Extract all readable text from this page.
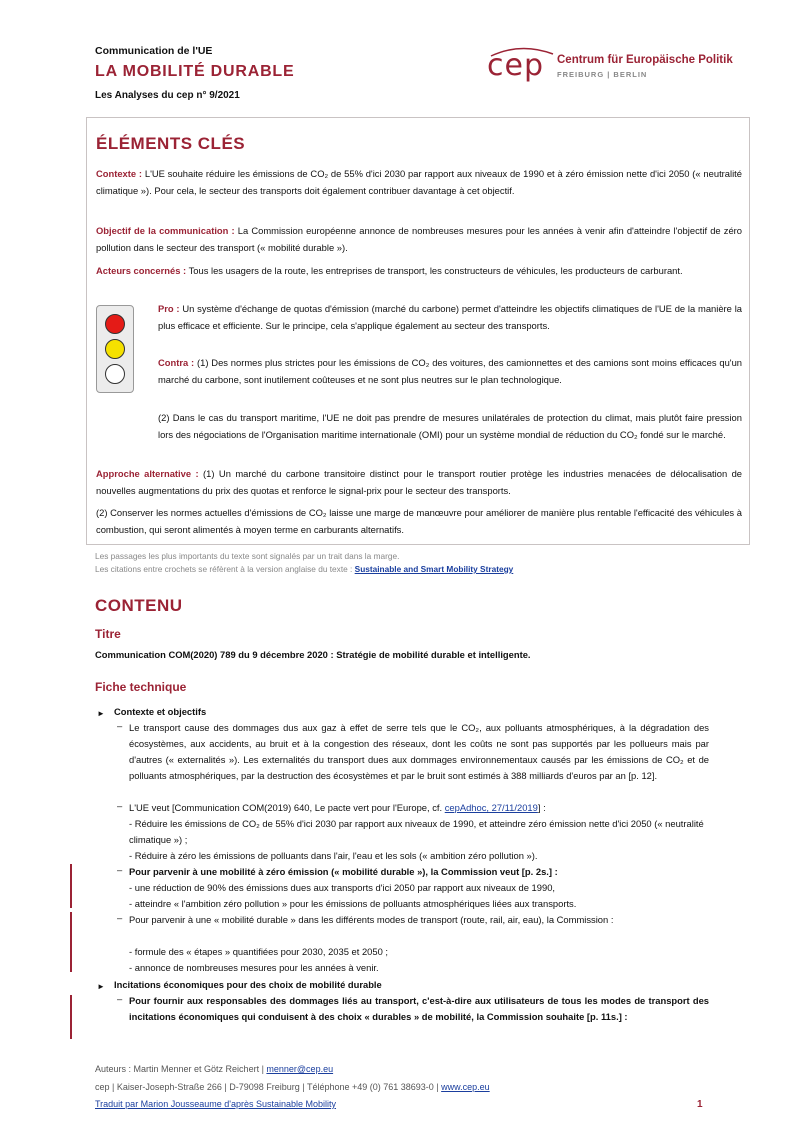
Communication de l'UE
LA MOBILITÉ DURABLE
Les Analyses du cep n° 9/2021
cep Centrum für Europäische Politik
FREIBURG | BERLIN
ÉLÉMENTS CLÉS
Contexte : L'UE souhaite réduire les émissions de CO₂ de 55% d'ici 2030 par rapport aux niveaux de 1990 et à zéro émission nette d'ici 2050 (« neutralité climatique »). Pour cela, le secteur des transports doit également contribuer davantage à cet objectif.
Objectif de la communication : La Commission européenne annonce de nombreuses mesures pour les années à venir afin d'atteindre l'objectif de zéro pollution dans le secteur des transport (« mobilité durable »).
Acteurs concernés : Tous les usagers de la route, les entreprises de transport, les constructeurs de véhicules, les producteurs de carburant.
Pro : Un système d'échange de quotas d'émission (marché du carbone) permet d'atteindre les objectifs climatiques de l'UE de la manière la plus efficace et efficiente. Sur le principe, cela s'applique également au secteur des transports.
Contra : (1) Des normes plus strictes pour les émissions de CO₂ des voitures, des camionnettes et des camions sont moins efficaces qu'un marché du carbone, sont inutilement coûteuses et ne sont plus neutres sur le plan technologique.
(2) Dans le cas du transport maritime, l'UE ne doit pas prendre de mesures unilatérales de protection du climat, mais plutôt faire pression lors des négociations de l'Organisation maritime internationale (OMI) pour un système mondial de réduction du CO₂ fondé sur le marché.
Approche alternative : (1) Un marché du carbone transitoire distinct pour le transport routier protège les industries menacées de délocalisation de nouvelles augmentations du prix des quotas et renforce le signal-prix pour le secteur des transports.
(2) Conserver les normes actuelles d'émissions de CO₂ laisse une marge de manœuvre pour améliorer de manière plus rentable l'efficacité des véhicules à combustion, qui seront alimentés à moyen terme en carburants alternatifs.
Les passages les plus importants du texte sont signalés par un trait dans la marge.
Les citations entre crochets se réfèrent à la version anglaise du texte : Sustainable and Smart Mobility Strategy
CONTENU
Titre
Communication COM(2020) 789 du 9 décembre 2020 : Stratégie de mobilité durable et intelligente.
Fiche technique
► Contexte et objectifs
– Le transport cause des dommages dus aux gaz à effet de serre tels que le CO₂, aux polluants atmosphériques, à la dégradation des écosystèmes, aux accidents, au bruit et à la congestion des réseaux, dont les coûts ne sont pas supportés par les pollueurs mais par d'autres (« externalités »). Les externalités du transport dues aux dommages environnementaux causés par les émissions de CO₂ et de polluants atmosphériques, par la destruction des écosystèmes et par le bruit sont estimés à 388 milliards d'euros par an [p. 12].
– L'UE veut [Communication COM(2019) 640, Le pacte vert pour l'Europe, cf. cepAdhoc, 27/11/2019] :
- Réduire les émissions de CO₂ de 55% d'ici 2030 par rapport aux niveaux de 1990, et atteindre zéro émission nette d'ici 2050 (« neutralité climatique ») ;
- Réduire à zéro les émissions de polluants dans l'air, l'eau et les sols (« ambition zéro pollution »).
– Pour parvenir à une mobilité à zéro émission (« mobilité durable »), la Commission veut [p. 2s.] :
- une réduction de 90% des émissions dues aux transports d'ici 2050 par rapport aux niveaux de 1990,
- atteindre « l'ambition zéro pollution » pour les émissions de polluants atmosphériques liées aux transports.
– Pour parvenir à une « mobilité durable » dans les différents modes de transport (route, rail, air, eau), la Commission :
- formule des « étapes » quantifiées pour 2030, 2035 et 2050 ;
- annonce de nombreuses mesures pour les années à venir.
► Incitations économiques pour des choix de mobilité durable
– Pour fournir aux responsables des dommages liés au transport, c'est-à-dire aux utilisateurs de tous les modes de transport des incitations économiques qui conduisent à des choix « durables » de mobilité, la Commission souhaite [p. 11s.] :
Auteurs : Martin Menner et Götz Reichert | menner@cep.eu
cep | Kaiser-Joseph-Straße 266 | D-79098 Freiburg | Téléphone +49 (0) 761 38693-0 | www.cep.eu
Traduit par Marion Jousseaume d'après Sustainable Mobility	1
